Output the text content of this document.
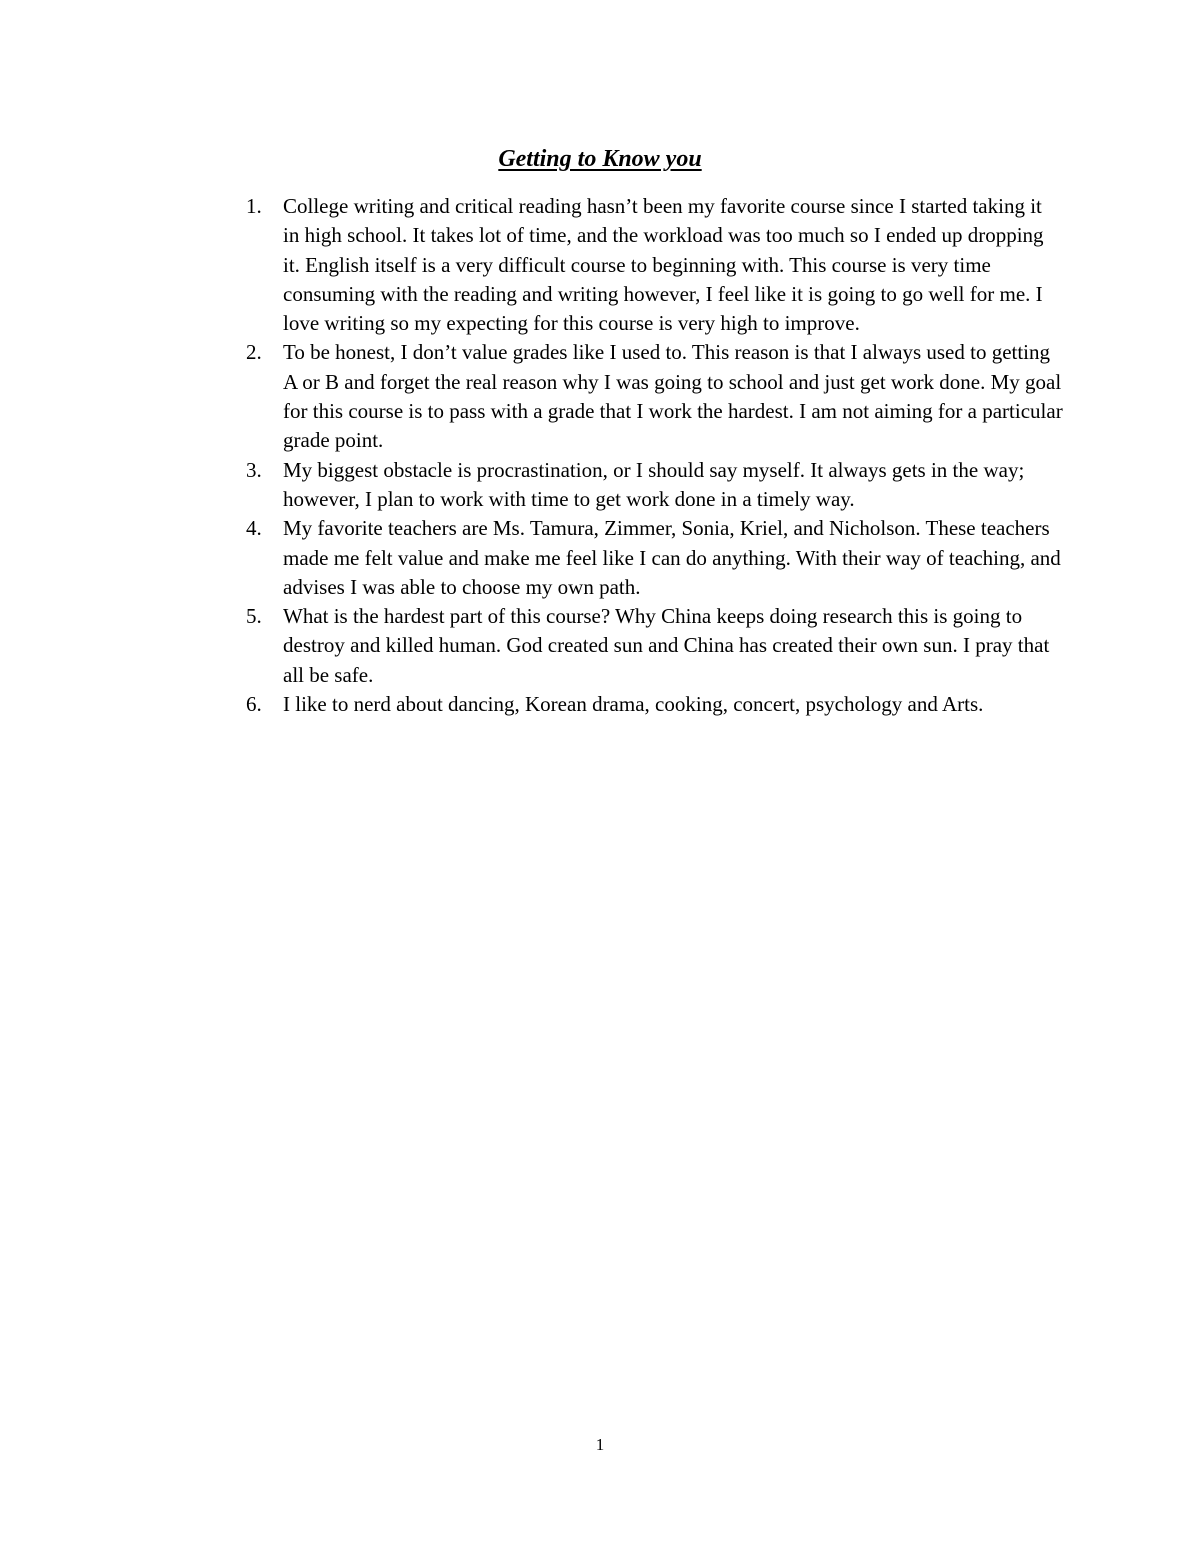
Getting to Know you
1. College writing and critical reading hasn’t been my favorite course since I started taking it in high school. It takes lot of time, and the workload was too much so I ended up dropping it. English itself is a very difficult course to beginning with. This course is very time consuming with the reading and writing however, I feel like it is going to go well for me. I love writing so my expecting for this course is very high to improve.
2. To be honest, I don’t value grades like I used to. This reason is that I always used to getting A or B and forget the real reason why I was going to school and just get work done. My goal for this course is to pass with a grade that I work the hardest. I am not aiming for a particular grade point.
3. My biggest obstacle is procrastination, or I should say myself. It always gets in the way; however, I plan to work with time to get work done in a timely way.
4. My favorite teachers are Ms. Tamura, Zimmer, Sonia, Kriel, and Nicholson. These teachers made me felt value and make me feel like I can do anything. With their way of teaching, and advises I was able to choose my own path.
5. What is the hardest part of this course? Why China keeps doing research this is going to destroy and killed human. God created sun and China has created their own sun. I pray that all be safe.
6. I like to nerd about dancing, Korean drama, cooking, concert, psychology and Arts.
1
